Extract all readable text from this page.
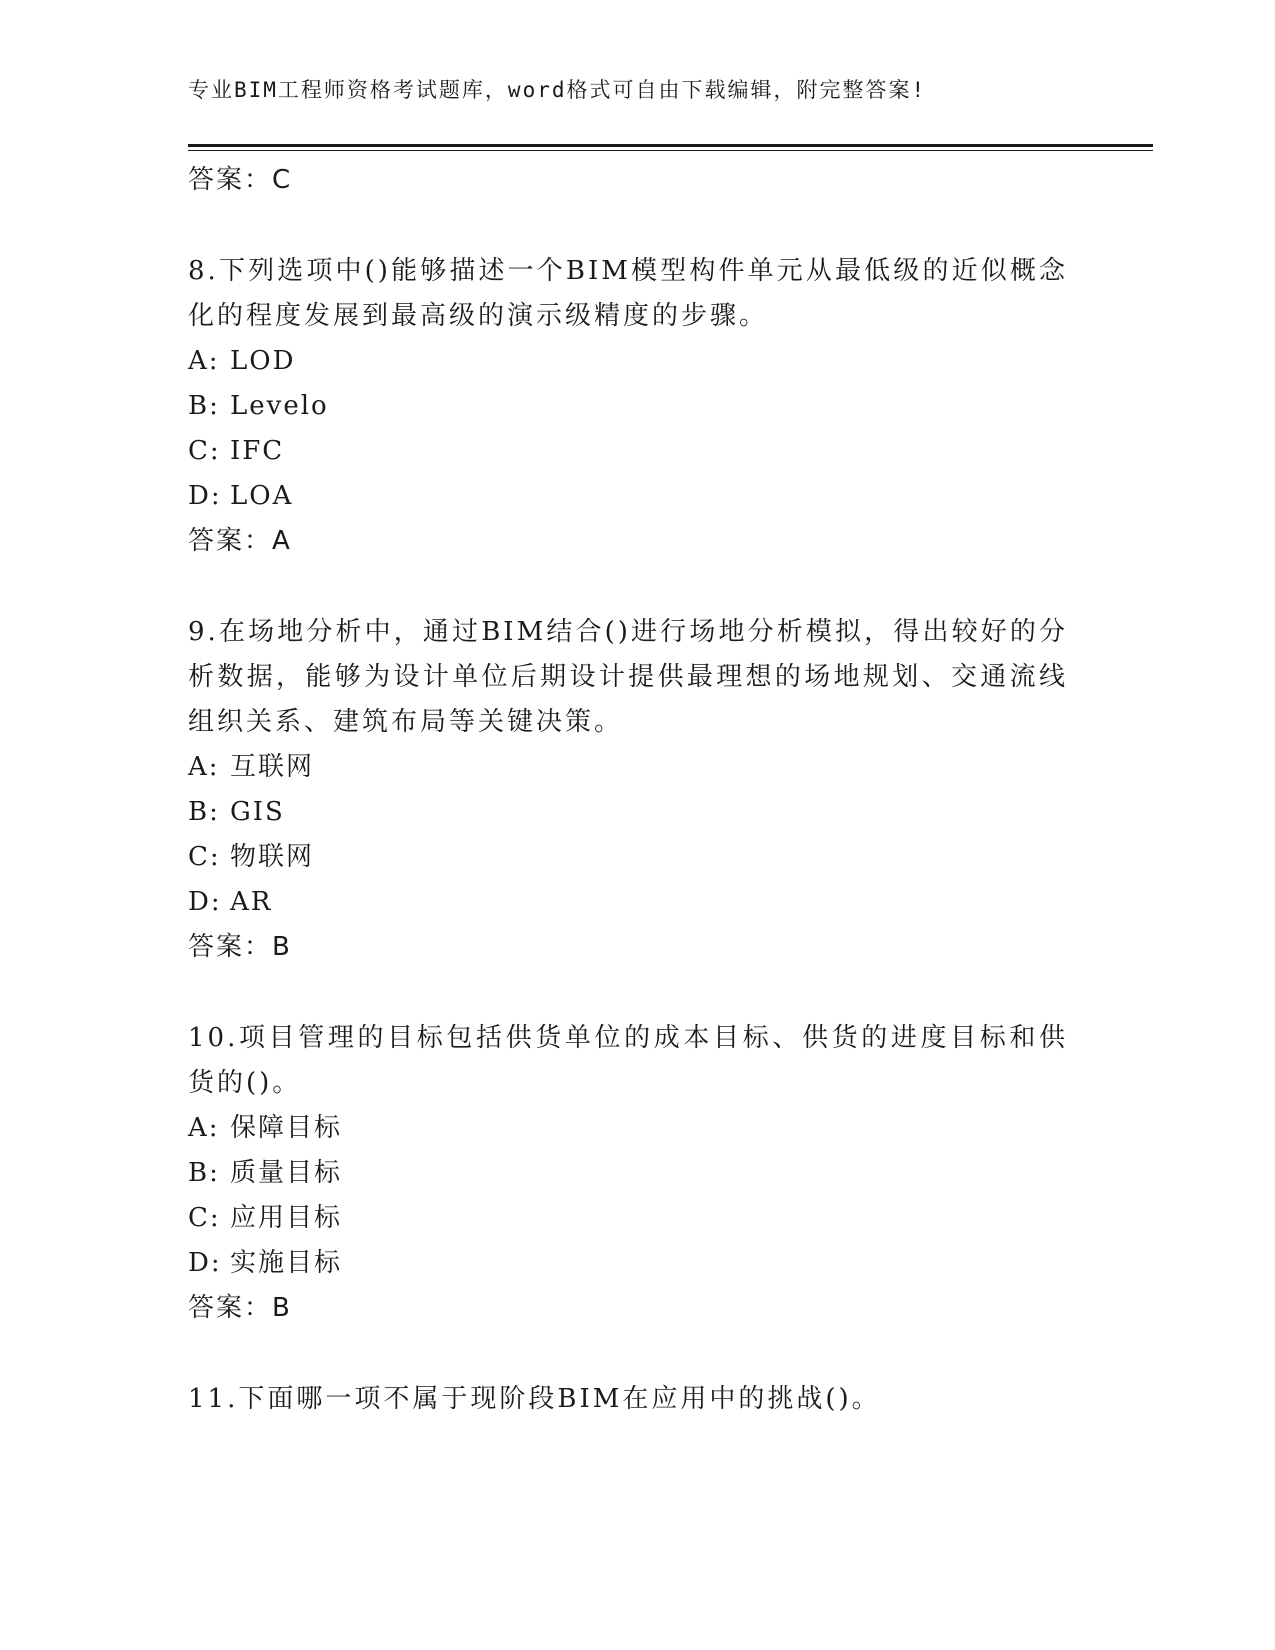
专业BIM工程师资格考试题库，word格式可自由下载编辑，附完整答案!
答案：C
8.下列选项中()能够描述一个BIM模型构件单元从最低级的近似概念化的程度发展到最高级的演示级精度的步骤。
A: LOD
B: Levelo
C: IFC
D: LOA
答案：A
9.在场地分析中，通过BIM结合()进行场地分析模拟，得出较好的分析数据，能够为设计单位后期设计提供最理想的场地规划、交通流线组织关系、建筑布局等关键决策。
A: 互联网
B: GIS
C: 物联网
D: AR
答案：B
10.项目管理的目标包括供货单位的成本目标、供货的进度目标和供货的()。
A: 保障目标
B: 质量目标
C: 应用目标
D: 实施目标
答案：B
11.下面哪一项不属于现阶段BIM在应用中的挑战()。
